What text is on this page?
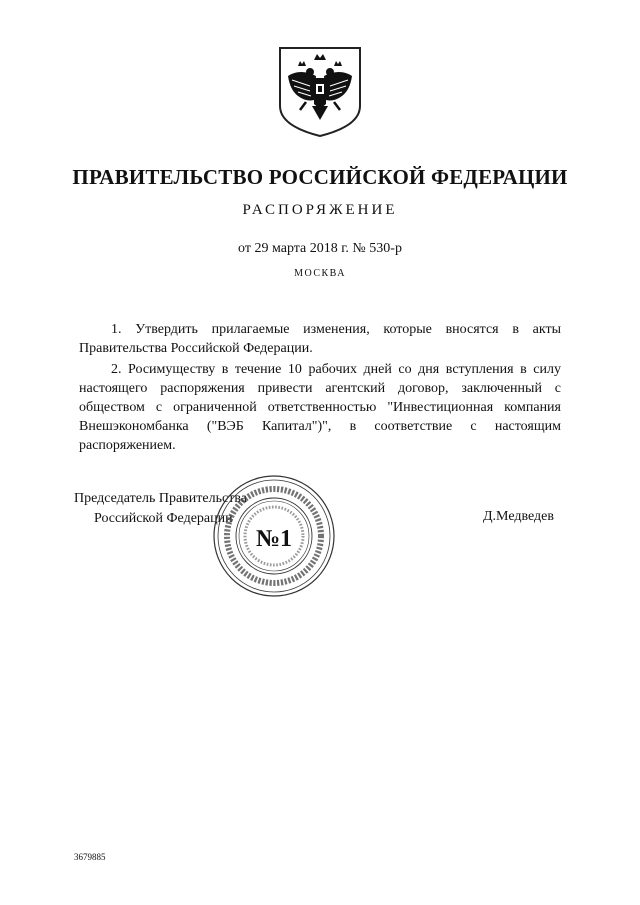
ПРАВИТЕЛЬСТВО РОССИЙСКОЙ ФЕДЕРАЦИИ
РАСПОРЯЖЕНИЕ
от 29 марта 2018 г. № 530-р
МОСКВА

1. Утвердить прилагаемые изменения, которые вносятся в акты Правительства Российской Федерации.

2. Росимуществу в течение 10 рабочих дней со дня вступления в силу настоящего распоряжения привести агентский договор, заключенный с обществом с ограниченной ответственностью "Инвестиционная компания Внешэкономбанка ("ВЭБ Капитал")", в соответствие с настоящим распоряжением.

Председатель Правительства
Российской Федерации	Д.Медведев
№1
3679885
